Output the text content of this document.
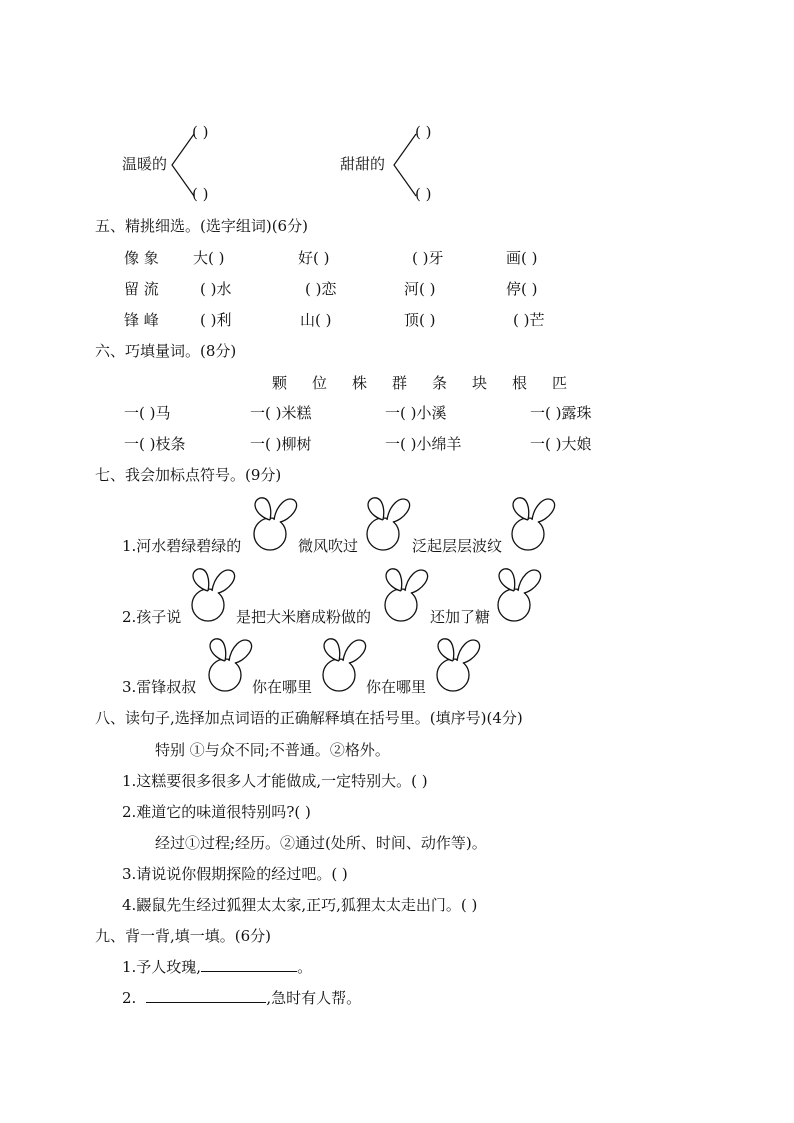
( )
温暖的
( )
( )
甜甜的
( )
五、精挑细选。(选字组词)(6分)
像 象 大( )	好( )	( )牙	画( )
留 流	( )水	( )恋	河( )	停( )
锋 峰	( )利	山( )	顶( )	( )芒
六、巧填量词。(8分)
颗 位 株 群 条 块 根 匹
一( )马	一( )米糕	一( )小溪	一( )露珠
一( )枝条	一( )柳树	一( )小绵羊	一( )大娘
七、我会加标点符号。(9分)
1.河水碧绿碧绿的	微风吹过	泛起层层波纹
2.孩子说	是把大米磨成粉做的	还加了糖
3.雷锋叔叔	你在哪里	你在哪里
八、读句子,选择加点词语的正确解释填在括号里。(填序号)(4分)
特别 ①与众不同;不普通。②格外。
1.这糕要很多很多人才能做成,一定特别大。( )
2.难道它的味道很特别吗?( )
经过①过程;经历。②通过(处所、时间、动作等)。
3.请说说你假期探险的经过吧。( )
4.鼹鼠先生经过狐狸太太家,正巧,狐狸太太走出门。( )
九、背一背,填一填。(6分)
1.予人玫瑰,	。
2.	,急时有人帮。
